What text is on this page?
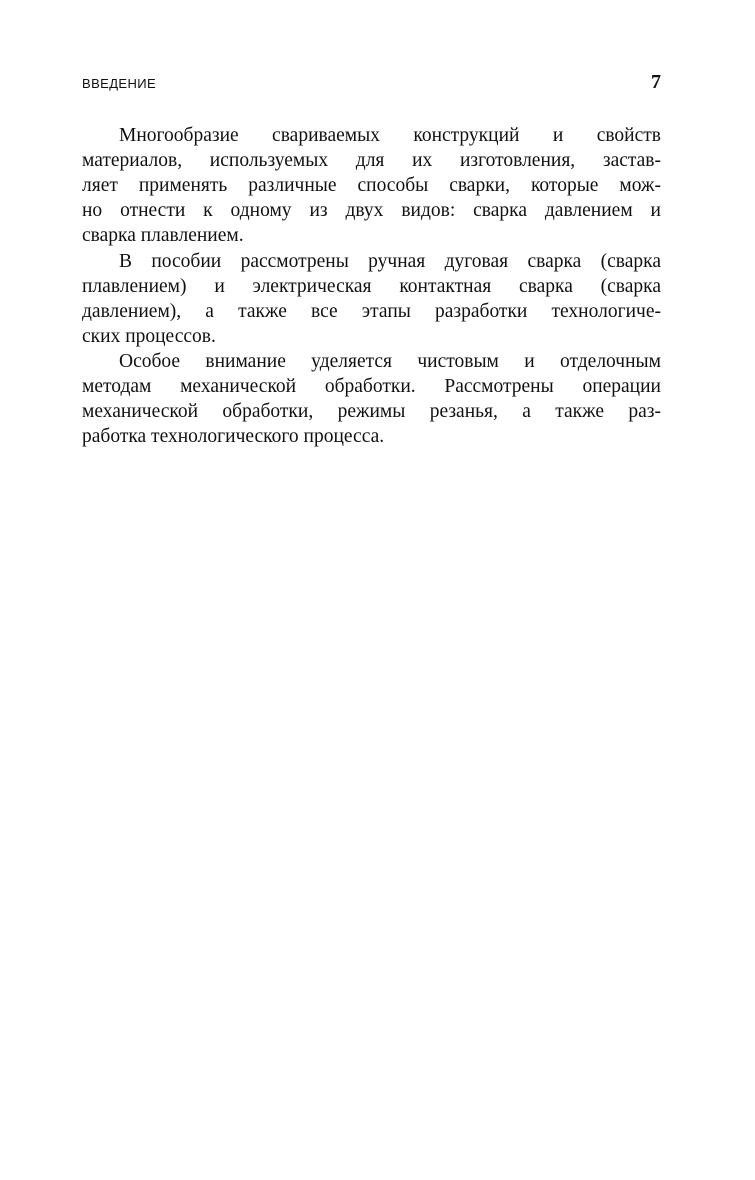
ВВЕДЕНИЕ	7
Многообразие свариваемых конструкций и свойств
материалов, используемых для их изготовления, застав-
ляет применять различные способы сварки, которые мож-
но отнести к одному из двух видов: сварка давлением и
сварка плавлением.
В пособии рассмотрены ручная дуговая сварка (сварка
плавлением) и электрическая контактная сварка (сварка
давлением), а также все этапы разработки технологиче-
ских процессов.
Особое внимание уделяется чистовым и отделочным
методам механической обработки. Рассмотрены операции
механической обработки, режимы резанья, а также раз-
работка технологического процесса.
